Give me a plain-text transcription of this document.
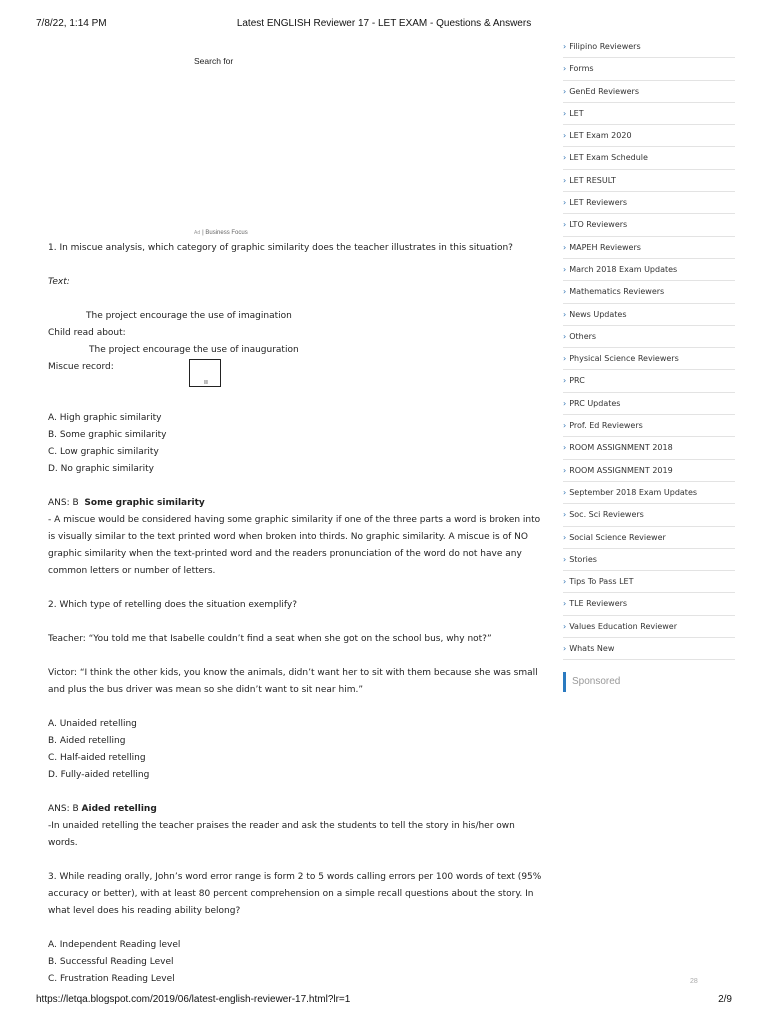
7/8/22, 1:14 PM	Latest ENGLISH Reviewer 17 - LET EXAM - Questions & Answers
Search for
Ad | Business Focus

1. In miscue analysis, which category of graphic similarity does the teacher illustrates in this situation?

Text:

The project encourage the use of imagination

Child read about:

The project encourage the use of inauguration

Miscue record:
ıı

A. High graphic similarity

B. Some graphic similarity

C. Low graphic similarity

D. No graphic similarity

ANS: B Some graphic similarity

- A miscue would be considered having some graphic similarity if one of the three parts a word is broken into

is visually similar to the text printed word when broken into thirds. No graphic similarity. A miscue is of NO

graphic similarity when the text-printed word and the readers pronunciation of the word do not have any

common letters or number of letters.

2. Which type of retelling does the situation exemplify?

Teacher: “You told me that Isabelle couldn’t find a seat when she got on the school bus, why not?”

Victor: “I think the other kids, you know the animals, didn’t want her to sit with them because she was small

and plus the bus driver was mean so she didn’t want to sit near him.”

A. Unaided retelling

B. Aided retelling

C. Half-aided retelling

D. Fully-aided retelling

ANS: B Aided retelling

-In unaided retelling the teacher praises the reader and ask the students to tell the story in his/her own words.

3. While reading orally, John’s word error range is form 2 to 5 words calling errors per 100 words of text (95%

accuracy or better), with at least 80 percent comprehension on a simple recall questions about the story. In

what level does his reading ability belong?

A. Independent Reading level

B. Successful Reading Level

C. Frustration Reading Level

› Filipino Reviewers
› Forms
› GenEd Reviewers
› LET
› LET Exam 2020
› LET Exam Schedule
› LET RESULT
› LET Reviewers
› LTO Reviewers
› MAPEH Reviewers
› March 2018 Exam Updates
› Mathematics Reviewers
› News Updates
› Others
› Physical Science Reviewers
› PRC
› PRC Updates
› Prof. Ed Reviewers
› ROOM ASSIGNMENT 2018
› ROOM ASSIGNMENT 2019
› September 2018 Exam Updates
› Soc. Sci Reviewers
› Social Science Reviewer
› Stories
› Tips To Pass LET
› TLE Reviewers
› Values Education Reviewer
› Whats New
Sponsored
28
https://letqa.blogspot.com/2019/06/latest-english-reviewer-17.html?lr=1	2/9
